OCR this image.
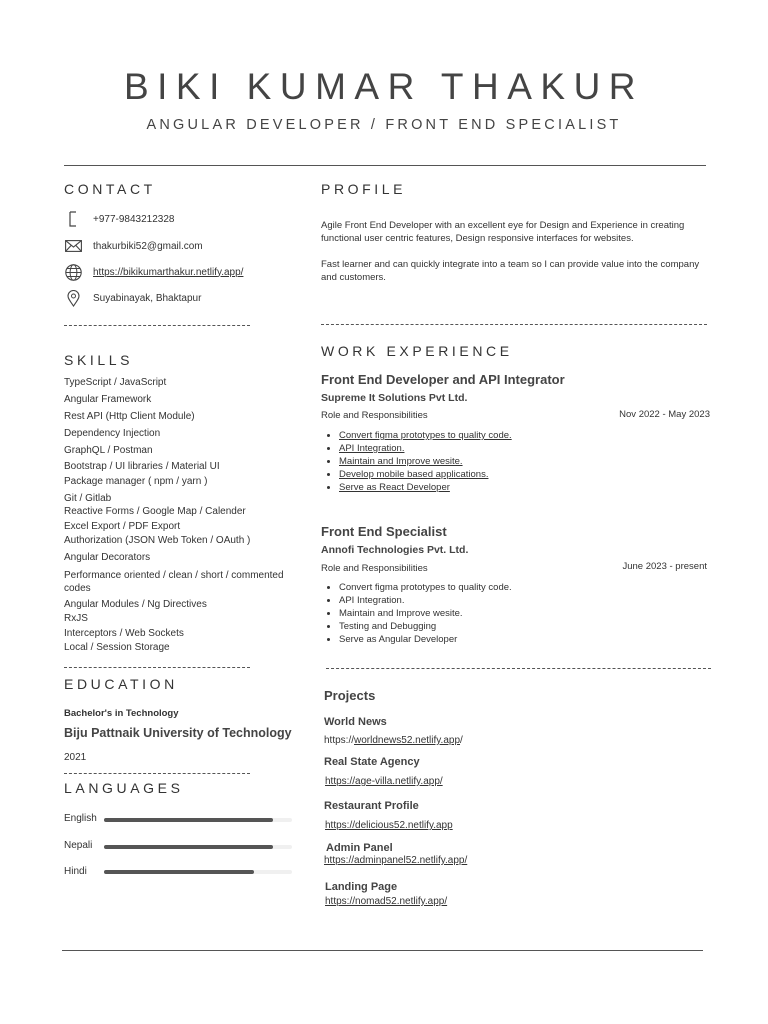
BIKI KUMAR THAKUR
ANGULAR DEVELOPER / FRONT END SPECIALIST
CONTACT
+977-9843212328
thakurbiki52@gmail.com
https://bikikumarthakur.netlify.app/
Suyabinayak, Bhaktapur
SKILLS
TypeScript / JavaScript
Angular Framework
Rest API (Http Client Module)
Dependency Injection
GraphQL / Postman
Bootstrap / UI libraries / Material UI
Package manager ( npm / yarn )
Git / Gitlab
Reactive Forms / Google Map / Calender
Excel Export / PDF Export
Authorization (JSON Web Token / OAuth )
Angular Decorators
Performance oriented / clean / short / commented codes
Angular Modules / Ng Directives
RxJS
Interceptors / Web Sockets
Local / Session Storage
EDUCATION
Bachelor's in Technology
Biju Pattnaik University of Technology
2021
LANGUAGES
English
Nepali
Hindi
PROFILE
Agile Front End Developer with an excellent eye for Design and Experience in creating functional user centric features, Design responsive interfaces for websites.
Fast learner and can quickly integrate into a team so I can provide value into the company and customers.
WORK EXPERIENCE
Front End Developer and API Integrator
Supreme It Solutions Pvt Ltd.
Role and Responsibilities	Nov 2022 - May 2023
• Convert figma prototypes to quality code.
• API Integration.
• Maintain and Improve wesite.
• Develop mobile based applications.
• Serve as React Developer
Front End Specialist
Annofi Technologies Pvt. Ltd.
Role and Responsibilities	June 2023 - present
• Convert figma prototypes to quality code.
• API Integration.
• Maintain and Improve wesite.
• Testing and Debugging
• Serve as Angular Developer
Projects
World News
https://worldnews52.netlify.app/
Real State Agency
https://age-villa.netlify.app/
Restaurant Profile
https://delicious52.netlify.app
Admin Panel
https://adminpanel52.netlify.app/
Landing Page
https://nomad52.netlify.app/
